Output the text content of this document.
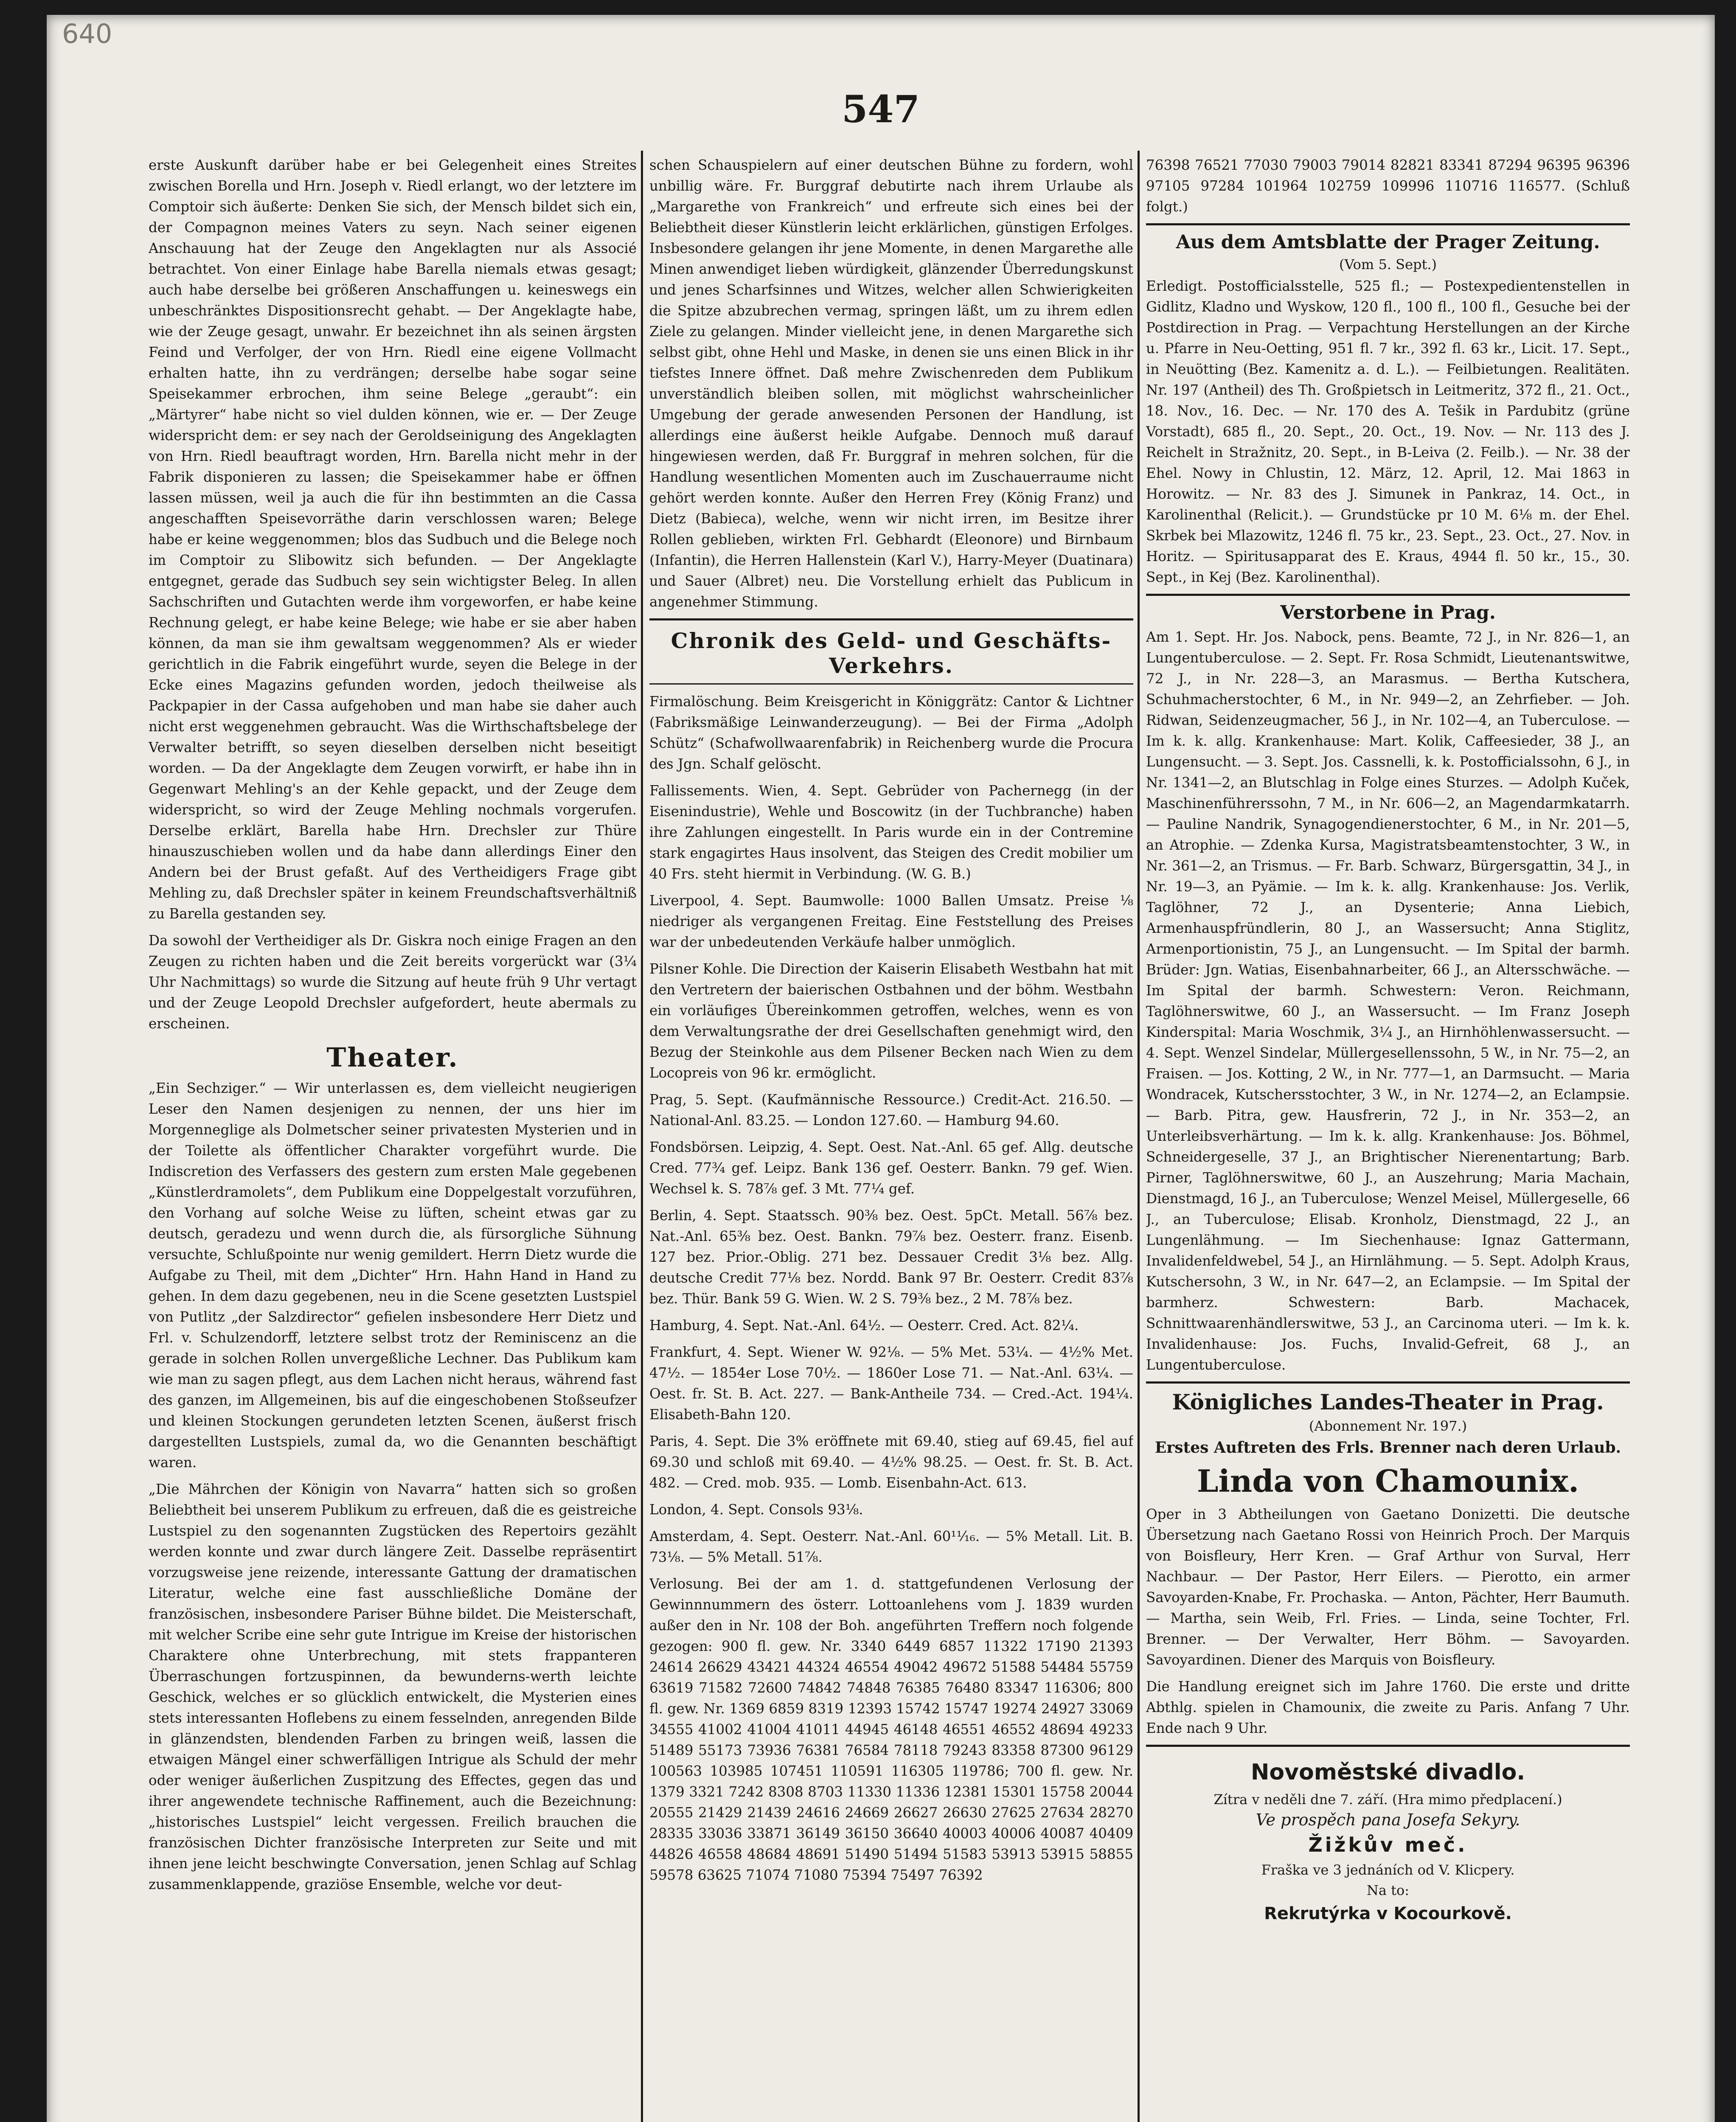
640
547

erste Auskunft darüber habe er bei Gelegenheit eines Streites zwischen Borella und Hrn. Joseph v. Riedl erlangt, wo der letztere im Comptoir sich äußerte: Denken Sie sich, der Mensch bildet sich ein, der Compagnon meines Vaters zu seyn. Nach seiner eigenen Anschauung hat der Zeuge den Angeklagten nur als Associé betrachtet. Von einer Einlage habe Barella niemals etwas gesagt; auch habe derselbe bei größeren Anschaffungen u. keineswegs ein unbeschränktes Dispositionsrecht gehabt. — Der Angeklagte habe, wie der Zeuge gesagt, unwahr. Er bezeichnet ihn als seinen ärgsten Feind und Verfolger, der von Hrn. Riedl eine eigene Vollmacht erhalten hatte, ihn zu verdrängen; derselbe habe sogar seine Speisekammer erbrochen, ihm seine Belege „geraubt“: ein „Märtyrer“ habe nicht so viel dulden können, wie er. — Der Zeuge widerspricht dem: er sey nach der Geroldseinigung des Angeklagten von Hrn. Riedl beauftragt worden, Hrn. Barella nicht mehr in der Fabrik disponieren zu lassen; die Speisekammer habe er öffnen lassen müssen, weil ja auch die für ihn bestimmten an die Cassa angeschafften Speisevorräthe darin verschlossen waren; Belege habe er keine weggenommen; blos das Sudbuch und die Belege noch im Comptoir zu Slibowitz sich befunden. — Der Angeklagte entgegnet, gerade das Sudbuch sey sein wichtigster Beleg. In allen Sachschriften und Gutachten werde ihm vorgeworfen, er habe keine Rechnung gelegt, er habe keine Belege; wie habe er sie aber haben können, da man sie ihm gewaltsam weggenommen? Als er wieder gerichtlich in die Fabrik eingeführt wurde, seyen die Belege in der Ecke eines Magazins gefunden worden, jedoch theilweise als Packpapier in der Cassa aufgehoben und man habe sie daher auch nicht erst weggenehmen gebraucht. Was die Wirthschaftsbelege der Verwalter betrifft, so seyen dieselben derselben nicht beseitigt worden. — Da der Angeklagte dem Zeugen vorwirft, er habe ihn in Gegenwart Mehling's an der Kehle gepackt, und der Zeuge dem widerspricht, so wird der Zeuge Mehling nochmals vorgerufen. Derselbe erklärt, Barella habe Hrn. Drechsler zur Thüre hinauszuschieben wollen und da habe dann allerdings Einer den Andern bei der Brust gefaßt. Auf des Vertheidigers Frage gibt Mehling zu, daß Drechsler später in keinem Freundschaftsverhältniß zu Barella gestanden sey.

Da sowohl der Vertheidiger als Dr. Giskra noch einige Fragen an den Zeugen zu richten haben und die Zeit bereits vorgerückt war (3¼ Uhr Nachmittags) so wurde die Sitzung auf heute früh 9 Uhr vertagt und der Zeuge Leopold Drechsler aufgefordert, heute abermals zu erscheinen.

Theater.

„Ein Sechziger.“ — Wir unterlassen es, dem vielleicht neugierigen Leser den Namen desjenigen zu nennen, der uns hier im Morgenneglige als Dolmetscher seiner privatesten Mysterien und in der Toilette als öffentlicher Charakter vorgeführt wurde. Die Indiscretion des Verfassers des gestern zum ersten Male gegebenen „Künstlerdramolets“, dem Publikum eine Doppelgestalt vorzuführen, den Vorhang auf solche Weise zu lüften, scheint etwas gar zu deutsch, geradezu und wenn durch die, als fürsorgliche Sühnung versuchte, Schlußpointe nur wenig gemildert. Herrn Dietz wurde die Aufgabe zu Theil, mit dem „Dichter“ Hrn. Hahn Hand in Hand zu gehen. In dem dazu gegebenen, neu in die Scene gesetzten Lustspiel von Putlitz „der Salzdirector“ gefielen insbesondere Herr Dietz und Frl. v. Schulzendorff, letztere selbst trotz der Reminiscenz an die gerade in solchen Rollen unvergeßliche Lechner. Das Publikum kam wie man zu sagen pflegt, aus dem Lachen nicht heraus, während fast des ganzen, im Allgemeinen, bis auf die eingeschobenen Stoßseufzer und kleinen Stockungen gerundeten letzten Scenen, äußerst frisch dargestellten Lustspiels, zumal da, wo die Genannten beschäftigt waren.

„Die Mährchen der Königin von Navarra“ hatten sich so großen Beliebtheit bei unserem Publikum zu erfreuen, daß die es geistreiche Lustspiel zu den sogenannten Zugstücken des Repertoirs gezählt werden konnte und zwar durch längere Zeit. Dasselbe repräsentirt vorzugsweise jene reizende, interessante Gattung der dramatischen Literatur, welche eine fast ausschließliche Domäne der französischen, insbesondere Pariser Bühne bildet. Die Meisterschaft, mit welcher Scribe eine sehr gute Intrigue im Kreise der historischen Charaktere ohne Unterbrechung, mit stets frappanteren Überraschungen fortzuspinnen, da bewunderns-werth leichte Geschick, welches er so glücklich entwickelt, die Mysterien eines stets interessanten Hoflebens zu einem fesselnden, anregenden Bilde in glänzendsten, blendenden Farben zu bringen weiß, lassen die etwaigen Mängel einer schwerfälligen Intrigue als Schuld der mehr oder weniger äußerlichen Zuspitzung des Effectes, gegen das und ihrer angewendete technische Raffinement, auch die Bezeichnung: „historisches Lustspiel“ leicht vergessen. Freilich brauchen die französischen Dichter französische Interpreten zur Seite und mit ihnen jene leicht beschwingte Conversation, jenen Schlag auf Schlag zusammenklappende, graziöse Ensemble, welche vor deut-

schen Schauspielern auf einer deutschen Bühne zu fordern, wohl unbillig wäre. Fr. Burggraf debutirte nach ihrem Urlaube als „Margarethe von Frankreich“ und erfreute sich eines bei der Beliebtheit dieser Künstlerin leicht erklärlichen, günstigen Erfolges. Insbesondere gelangen ihr jene Momente, in denen Margarethe alle Minen anwendiget lieben würdigkeit, glänzender Überredungskunst und jenes Scharfsinnes und Witzes, welcher allen Schwierigkeiten die Spitze abzubrechen vermag, springen läßt, um zu ihrem edlen Ziele zu gelangen. Minder vielleicht jene, in denen Margarethe sich selbst gibt, ohne Hehl und Maske, in denen sie uns einen Blick in ihr tiefstes Innere öffnet. Daß mehre Zwischenreden dem Publikum unverständlich bleiben sollen, mit möglichst wahrscheinlicher Umgebung der gerade anwesenden Personen der Handlung, ist allerdings eine äußerst heikle Aufgabe. Dennoch muß darauf hingewiesen werden, daß Fr. Burggraf in mehren solchen, für die Handlung wesentlichen Momenten auch im Zuschauerraume nicht gehört werden konnte. Außer den Herren Frey (König Franz) und Dietz (Babieca), welche, wenn wir nicht irren, im Besitze ihrer Rollen geblieben, wirkten Frl. Gebhardt (Eleonore) und Birnbaum (Infantin), die Herren Hallenstein (Karl V.), Harry-Meyer (Duatinara) und Sauer (Albret) neu. Die Vorstellung erhielt das Publicum in angenehmer Stimmung.

Chronik des Geld- und Geschäfts-Verkehrs.

Firmalöschung. Beim Kreisgericht in Königgrätz: Cantor & Lichtner (Fabriksmäßige Leinwanderzeugung). — Bei der Firma „Adolph Schütz“ (Schafwollwaarenfabrik) in Reichenberg wurde die Procura des Jgn. Schalf gelöscht.

Fallissements. Wien, 4. Sept. Gebrüder von Pachernegg (in der Eisenindustrie), Wehle und Boscowitz (in der Tuchbranche) haben ihre Zahlungen eingestellt. In Paris wurde ein in der Contremine stark engagirtes Haus insolvent, das Steigen des Credit mobilier um 40 Frs. steht hiermit in Verbindung. (W. G. B.)

Liverpool, 4. Sept. Baumwolle: 1000 Ballen Umsatz. Preise ⅛ niedriger als vergangenen Freitag. Eine Feststellung des Preises war der unbedeutenden Verkäufe halber unmöglich.

Pilsner Kohle. Die Direction der Kaiserin Elisabeth Westbahn hat mit den Vertretern der baierischen Ostbahnen und der böhm. Westbahn ein vorläufiges Übereinkommen getroffen, welches, wenn es von dem Verwaltungsrathe der drei Gesellschaften genehmigt wird, den Bezug der Steinkohle aus dem Pilsener Becken nach Wien zu dem Locopreis von 96 kr. ermöglicht.

Prag, 5. Sept. (Kaufmännische Ressource.) Credit-Act. 216.50. — National-Anl. 83.25. — London 127.60. — Hamburg 94.60.

Fondsbörsen. Leipzig, 4. Sept. Oest. Nat.-Anl. 65 gef. Allg. deutsche Cred. 77¾ gef. Leipz. Bank 136 gef. Oesterr. Bankn. 79 gef. Wien. Wechsel k. S. 78⅞ gef. 3 Mt. 77¼ gef.

Berlin, 4. Sept. Staatssch. 90⅜ bez. Oest. 5pCt. Metall. 56⅞ bez. Nat.-Anl. 65⅜ bez. Oest. Bankn. 79⅞ bez. Oesterr. franz. Eisenb. 127 bez. Prior.-Oblig. 271 bez. Dessauer Credit 3⅛ bez. Allg. deutsche Credit 77⅛ bez. Nordd. Bank 97 Br. Oesterr. Credit 83⅞ bez. Thür. Bank 59 G. Wien. W. 2 S. 79⅜ bez., 2 M. 78⅞ bez.

Hamburg, 4. Sept. Nat.-Anl. 64½. — Oesterr. Cred. Act. 82¼.

Frankfurt, 4. Sept. Wiener W. 92⅛. — 5% Met. 53¼. — 4½% Met. 47½. — 1854er Lose 70½. — 1860er Lose 71. — Nat.-Anl. 63¼. — Oest. fr. St. B. Act. 227. — Bank-Antheile 734. — Cred.-Act. 194¼. Elisabeth-Bahn 120.

Paris, 4. Sept. Die 3% eröffnete mit 69.40, stieg auf 69.45, fiel auf 69.30 und schloß mit 69.40. — 4½% 98.25. — Oest. fr. St. B. Act. 482. — Cred. mob. 935. — Lomb. Eisenbahn-Act. 613.

London, 4. Sept. Consols 93⅛.

Amsterdam, 4. Sept. Oesterr. Nat.-Anl. 60¹¹⁄₁₆. — 5% Metall. Lit. B. 73⅛. — 5% Metall. 51⅞.

Verlosung. Bei der am 1. d. stattgefundenen Verlosung der Gewinnnummern des österr. Lottoanlehens vom J. 1839 wurden außer den in Nr. 108 der Boh. angeführten Treffern noch folgende gezogen: 900 fl. gew. Nr. 3340 6449 6857 11322 17190 21393 24614 26629 43421 44324 46554 49042 49672 51588 54484 55759 63619 71582 72600 74842 74848 76385 76480 83347 116306; 800 fl. gew. Nr. 1369 6859 8319 12393 15742 15747 19274 24927 33069 34555 41002 41004 41011 44945 46148 46551 46552 48694 49233 51489 55173 73936 76381 76584 78118 79243 83358 87300 96129 100563 103985 107451 110591 116305 119786; 700 fl. gew. Nr. 1379 3321 7242 8308 8703 11330 11336 12381 15301 15758 20044 20555 21429 21439 24616 24669 26627 26630 27625 27634 28270 28335 33036 33871 36149 36150 36640 40003 40006 40087 40409 44826 46558 48684 48691 51490 51494 51583 53913 53915 58855 59578 63625 71074 71080 75394 75497 76392

76398 76521 77030 79003 79014 82821 83341 87294 96395 96396 97105 97284 101964 102759 109996 110716 116577. (Schluß folgt.)

Aus dem Amtsblatte der Prager Zeitung.
(Vom 5. Sept.)

Erledigt. Postofficialsstelle, 525 fl.; — Postexpedientenstellen in Gidlitz, Kladno und Wyskow, 120 fl., 100 fl., 100 fl., Gesuche bei der Postdirection in Prag. — Verpachtung Herstellungen an der Kirche u. Pfarre in Neu-Oetting, 951 fl. 7 kr., 392 fl. 63 kr., Licit. 17. Sept., in Neuötting (Bez. Kamenitz a. d. L.). — Feilbietungen. Realitäten. Nr. 197 (Antheil) des Th. Großpietsch in Leitmeritz, 372 fl., 21. Oct., 18. Nov., 16. Dec. — Nr. 170 des A. Tešik in Pardubitz (grüne Vorstadt), 685 fl., 20. Sept., 20. Oct., 19. Nov. — Nr. 113 des J. Reichelt in Stražnitz, 20. Sept., in B-Leiva (2. Feilb.). — Nr. 38 der Ehel. Nowy in Chlustin, 12. März, 12. April, 12. Mai 1863 in Horowitz. — Nr. 83 des J. Simunek in Pankraz, 14. Oct., in Karolinenthal (Relicit.). — Grundstücke pr 10 M. 6⅛ m. der Ehel. Skrbek bei Mlazowitz, 1246 fl. 75 kr., 23. Sept., 23. Oct., 27. Nov. in Horitz. — Spiritusapparat des E. Kraus, 4944 fl. 50 kr., 15., 30. Sept., in Kej (Bez. Karolinenthal).

Verstorbene in Prag.

Am 1. Sept. Hr. Jos. Nabock, pens. Beamte, 72 J., in Nr. 826—1, an Lungentuberculose. — 2. Sept. Fr. Rosa Schmidt, Lieutenantswitwe, 72 J., in Nr. 228—3, an Marasmus. — Bertha Kutschera, Schuhmacherstochter, 6 M., in Nr. 949—2, an Zehrfieber. — Joh. Ridwan, Seidenzeugmacher, 56 J., in Nr. 102—4, an Tuberculose. — Im k. k. allg. Krankenhause: Mart. Kolik, Caffeesieder, 38 J., an Lungensucht. — 3. Sept. Jos. Cassnelli, k. k. Postofficialssohn, 6 J., in Nr. 1341—2, an Blutschlag in Folge eines Sturzes. — Adolph Kuček, Maschinenführerssohn, 7 M., in Nr. 606—2, an Magendarmkatarrh. — Pauline Nandrik, Synagogendienerstochter, 6 M., in Nr. 201—5, an Atrophie. — Zdenka Kursa, Magistratsbeamtenstochter, 3 W., in Nr. 361—2, an Trismus. — Fr. Barb. Schwarz, Bürgersgattin, 34 J., in Nr. 19—3, an Pyämie. — Im k. k. allg. Krankenhause: Jos. Verlik, Taglöhner, 72 J., an Dysenterie; Anna Liebich, Armenhauspfründlerin, 80 J., an Wassersucht; Anna Stiglitz, Armenportionistin, 75 J., an Lungensucht. — Im Spital der barmh. Brüder: Jgn. Watias, Eisenbahnarbeiter, 66 J., an Altersschwäche. — Im Spital der barmh. Schwestern: Veron. Reichmann, Taglöhnerswitwe, 60 J., an Wassersucht. — Im Franz Joseph Kinderspital: Maria Woschmik, 3¼ J., an Hirnhöhlenwassersucht. — 4. Sept. Wenzel Sindelar, Müllergesellenssohn, 5 W., in Nr. 75—2, an Fraisen. — Jos. Kotting, 2 W., in Nr. 777—1, an Darmsucht. — Maria Wondracek, Kutschersstochter, 3 W., in Nr. 1274—2, an Eclampsie. — Barb. Pitra, gew. Hausfrerin, 72 J., in Nr. 353—2, an Unterleibsverhärtung. — Im k. k. allg. Krankenhause: Jos. Böhmel, Schneidergeselle, 37 J., an Brightischer Nierenentartung; Barb. Pirner, Taglöhnerswitwe, 60 J., an Auszehrung; Maria Machain, Dienstmagd, 16 J., an Tuberculose; Wenzel Meisel, Müllergeselle, 66 J., an Tuberculose; Elisab. Kronholz, Dienstmagd, 22 J., an Lungenlähmung. — Im Siechenhause: Ignaz Gattermann, Invalidenfeldwebel, 54 J., an Hirnlähmung. — 5. Sept. Adolph Kraus, Kutschersohn, 3 W., in Nr. 647—2, an Eclampsie. — Im Spital der barmherz. Schwestern: Barb. Machacek, Schnittwaarenhändlerswitwe, 53 J., an Carcinoma uteri. — Im k. k. Invalidenhause: Jos. Fuchs, Invalid-Gefreit, 68 J., an Lungentuberculose.

Königliches Landes-Theater in Prag.
(Abonnement Nr. 197.)

Erstes Auftreten des Frls. Brenner nach deren Urlaub.

Linda von Chamounix.

Oper in 3 Abtheilungen von Gaetano Donizetti. Die deutsche Übersetzung nach Gaetano Rossi von Heinrich Proch. Der Marquis von Boisfleury, Herr Kren. — Graf Arthur von Surval, Herr Nachbaur. — Der Pastor, Herr Eilers. — Pierotto, ein armer Savoyarden-Knabe, Fr. Prochaska. — Anton, Pächter, Herr Baumuth. — Martha, sein Weib, Frl. Fries. — Linda, seine Tochter, Frl. Brenner. — Der Verwalter, Herr Böhm. — Savoyarden. Savoyardinen. Diener des Marquis von Boisfleury.

Die Handlung ereignet sich im Jahre 1760. Die erste und dritte Abthlg. spielen in Chamounix, die zweite zu Paris. Anfang 7 Uhr. Ende nach 9 Uhr.

Novoměstské divadlo.

Zítra v neděli dne 7. září. (Hra mimo předplacení.)

Ve prospěch pana Josefa Sekyry.

Žižkův meč.

Fraška ve 3 jednáních od V. Klicpery.

Na to:

Rekrutýrka v Kocourkově.
